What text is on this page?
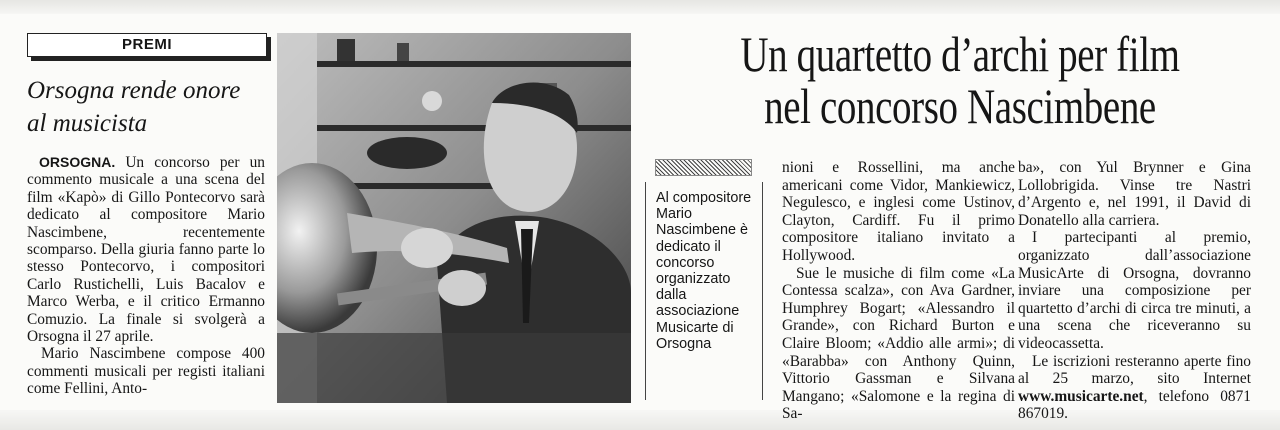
PREMI
Orsogna rende onore
al musicista

ORSOGNA. Un concorso per un commento musicale a una scena del film «Kapò» di Gillo Pontecorvo sarà dedicato al compositore Mario Nascimbene, recentemente scomparso. Della giuria fanno parte lo stesso Pontecorvo, i compositori Carlo Rustichelli, Luis Bacalov e Marco Werba, e il critico Ermanno Comuzio. La finale si svolgerà a Orsogna il 27 aprile.

Mario Nascimbene compose 400 commenti musicali per registi italiani come Fellini, Anto-

Un quartetto d’archi per film
nel concorso Nascimbene
Al compositore Mario Nascimbene è dedicato il concorso organizzato dalla associazione Musicarte di Orsogna

nioni e Rossellini, ma anche americani come Vidor, Mankiewicz, Negulesco, e inglesi come Ustinov, Clayton, Cardiff. Fu il primo compositore italiano invitato a Hollywood.

Sue le musiche di film come «La Contessa scalza», con Ava Gardner, Humphrey Bogart; «Alessandro il Grande», con Richard Burton e Claire Bloom; «Addio alle armi»; di «Barabba» con Anthony Quinn, Vittorio Gassman e Silvana Mangano; «Salomone e la regina di Sa-

ba», con Yul Brynner e Gina Lollobrigida. Vinse tre Nastri d’Argento e, nel 1991, il David di Donatello alla carriera.

I partecipanti al premio, organizzato dall’associazione MusicArte di Orsogna, dovranno inviare una composizione per quartetto d’archi di circa tre minuti, a una scena che riceveranno su videocassetta.

Le iscrizioni resteranno aperte fino al 25 marzo, sito Internet www.musicarte.net, telefono 0871 867019.
